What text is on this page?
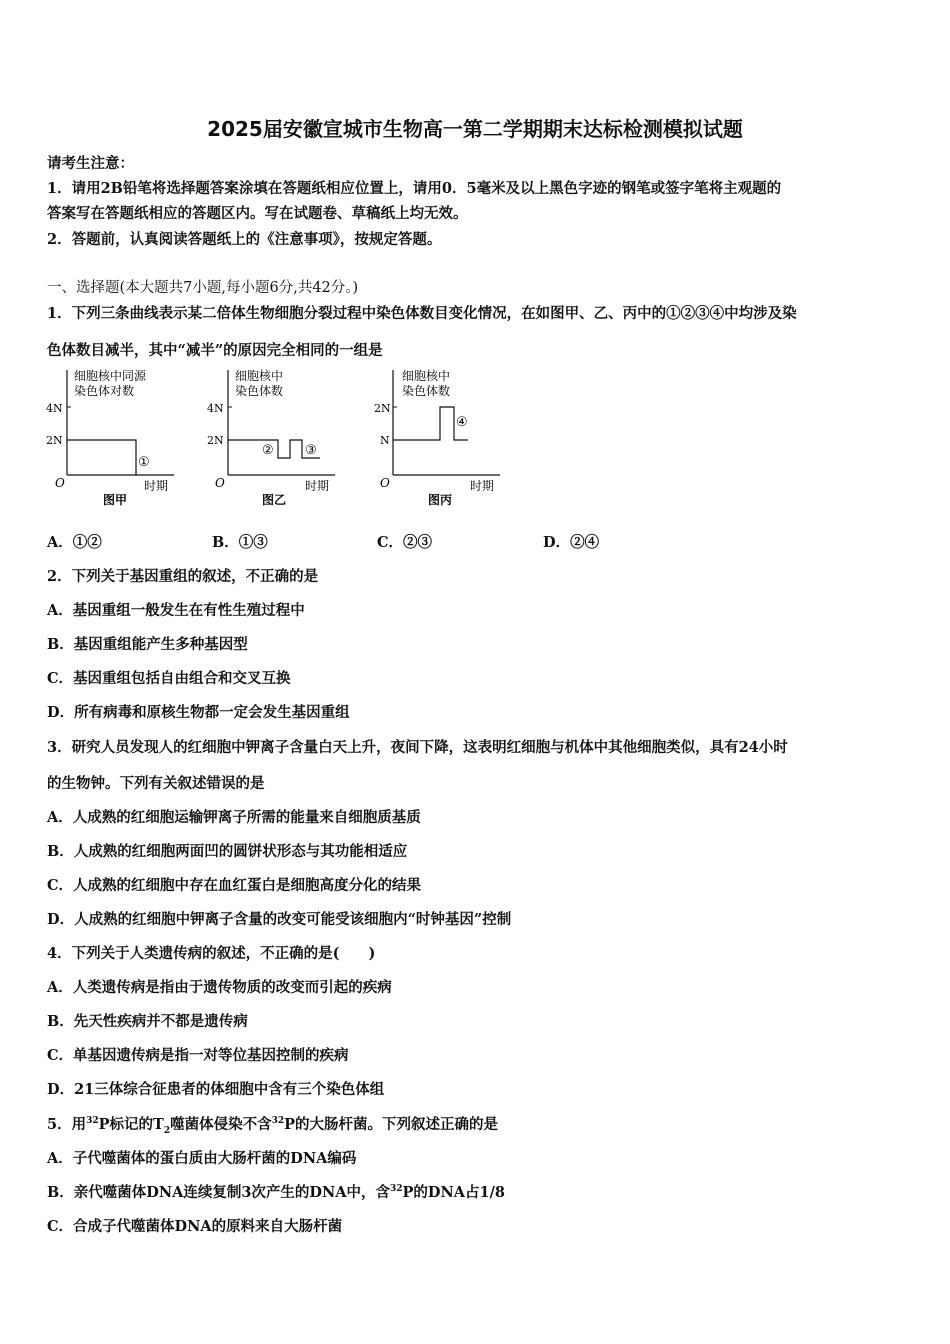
2025届安徽宣城市生物高一第二学期期末达标检测模拟试题
请考生注意：
1．请用2B铅笔将选择题答案涂填在答题纸相应位置上，请用0．5毫米及以上黑色字迹的钢笔或签字笔将主观题的
答案写在答题纸相应的答题区内。写在试题卷、草稿纸上均无效。
2．答题前，认真阅读答题纸上的《注意事项》，按规定答题。
一、选择题(本大题共7小题,每小题6分,共42分。)
1．下列三条曲线表示某二倍体生物细胞分裂过程中染色体数目变化情况，在如图甲、乙、丙中的①②③④中均涉及染
色体数目减半，其中“减半”的原因完全相同的一组是
细胞核中同源
染色体对数
4N
2N
①
O	时期
图甲
细胞核中
染色体数
4N
2N
② ③
O	时期
图乙
细胞核中
染色体数
2N
N
④
O	时期
图丙
A．①②	B．①③	C．②③	D．②④
2．下列关于基因重组的叙述，不正确的是
A．基因重组一般发生在有性生殖过程中
B．基因重组能产生多种基因型
C．基因重组包括自由组合和交叉互换
D．所有病毒和原核生物都一定会发生基因重组
3．研究人员发现人的红细胞中钾离子含量白天上升，夜间下降，这表明红细胞与机体中其他细胞类似，具有24小时
的生物钟。下列有关叙述错误的是
A．人成熟的红细胞运输钾离子所需的能量来自细胞质基质
B．人成熟的红细胞两面凹的圆饼状形态与其功能相适应
C．人成熟的红细胞中存在血红蛋白是细胞高度分化的结果
D．人成熟的红细胞中钾离子含量的改变可能受该细胞内“时钟基因”控制
4．下列关于人类遗传病的叙述，不正确的是(　　)
A．人类遗传病是指由于遗传物质的改变而引起的疾病
B．先天性疾病并不都是遗传病
C．单基因遗传病是指一对等位基因控制的疾病
D．21三体综合征患者的体细胞中含有三个染色体组
5．用$^{32}$P标记的$T_2$噬菌体侵染不含$^{32}$P的大肠杆菌。下列叙述正确的是
A．子代噬菌体的蛋白质由大肠杆菌的DNA编码
B．亲代噬菌体DNA连续复制3次产生的DNA中，含$^{32}$P的DNA占1/8
C．合成子代噬菌体DNA的原料来自大肠杆菌
